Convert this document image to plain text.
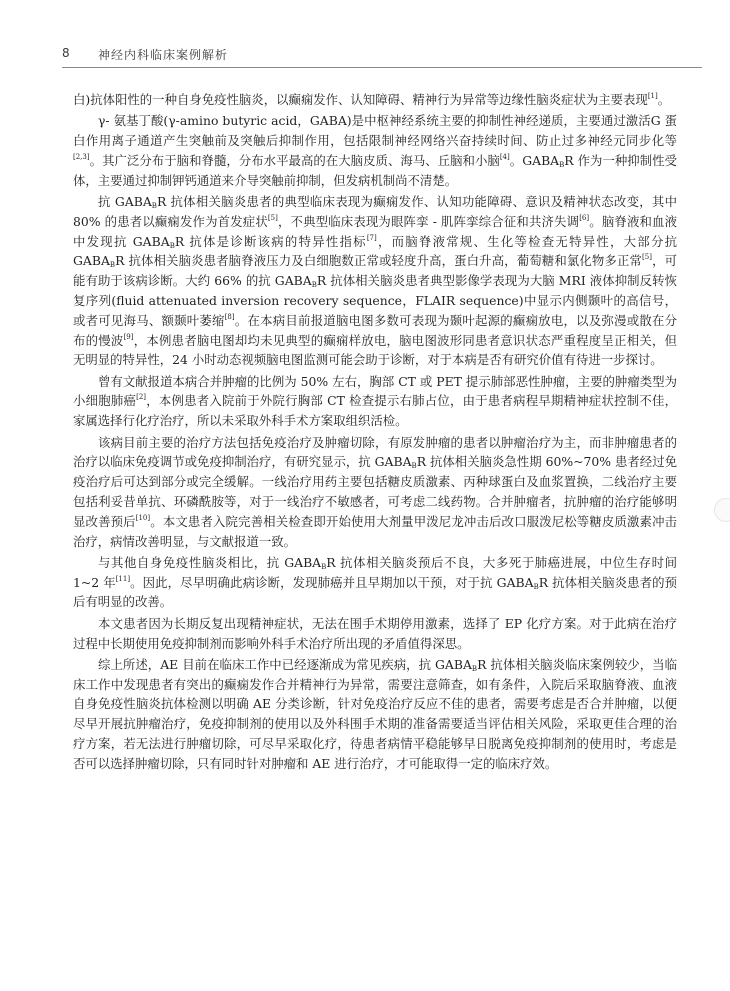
8 神经内科临床案例解析

白)抗体阳性的一种自身免疫性脑炎，以癫痫发作、认知障碍、精神行为异常等边缘性脑炎症状为主要表现[1]。

γ- 氨基丁酸(γ-amino butyric acid，GABA)是中枢神经系统主要的抑制性神经递质，主要通过激活G 蛋白作用离子通道产生突触前及突触后抑制作用，包括限制神经网络兴奋持续时间、防止过多神经元同步化等[2,3]。其广泛分布于脑和脊髓，分布水平最高的在大脑皮质、海马、丘脑和小脑[4]。$GABA_BR$ 作为一种抑制性受体，主要通过抑制钾钙通道来介导突触前抑制，但发病机制尚不清楚。

抗 $GABA_BR$ 抗体相关脑炎患者的典型临床表现为癫痫发作、认知功能障碍、意识及精神状态改变，其中 80% 的患者以癫痫发作为首发症状[5]，不典型临床表现为眼阵挛 - 肌阵挛综合征和共济失调[6]。脑脊液和血液中发现抗 $GABA_BR$ 抗体是诊断该病的特异性指标[7]，而脑脊液常规、生化等检查无特异性，大部分抗 $GABA_BR$ 抗体相关脑炎患者脑脊液压力及白细胞数正常或轻度升高，蛋白升高，葡萄糖和氯化物多正常[5]，可能有助于该病诊断。大约 66% 的抗 $GABA_BR$ 抗体相关脑炎患者典型影像学表现为大脑 MRI 液体抑制反转恢复序列(fluid attenuated inversion recovery sequence，FLAIR sequence)中显示内侧颞叶的高信号，或者可见海马、额颞叶萎缩[8]。在本病目前报道脑电图多数可表现为颞叶起源的癫痫放电，以及弥漫或散在分布的慢波[9]，本例患者脑电图却均未见典型的癫痫样放电，脑电图波形同患者意识状态严重程度呈正相关，但无明显的特异性，24 小时动态视频脑电图监测可能会助于诊断，对于本病是否有研究价值有待进一步探讨。

曾有文献报道本病合并肿瘤的比例为 50% 左右，胸部 CT 或 PET 提示肺部恶性肿瘤，主要的肿瘤类型为小细胞肺癌[2]，本例患者入院前于外院行胸部 CT 检查提示右肺占位，由于患者病程早期精神症状控制不佳，家属选择行化疗治疗，所以未采取外科手术方案取组织活检。

该病目前主要的治疗方法包括免疫治疗及肿瘤切除，有原发肿瘤的患者以肿瘤治疗为主，而非肿瘤患者的治疗以临床免疫调节或免疫抑制治疗，有研究显示，抗 $GABA_BR$ 抗体相关脑炎急性期 60%~70% 患者经过免疫治疗后可达到部分或完全缓解。一线治疗用药主要包括糖皮质激素、丙种球蛋白及血浆置换，二线治疗主要包括利妥昔单抗、环磷酰胺等，对于一线治疗不敏感者，可考虑二线药物。合并肿瘤者，抗肿瘤的治疗能够明显改善预后[10]。本文患者入院完善相关检查即开始使用大剂量甲泼尼龙冲击后改口服泼尼松等糖皮质激素冲击治疗，病情改善明显，与文献报道一致。

与其他自身免疫性脑炎相比，抗 $GABA_BR$ 抗体相关脑炎预后不良，大多死于肺癌进展，中位生存时间 1~2 年[11]。因此，尽早明确此病诊断，发现肺癌并且早期加以干预，对于抗 $GABA_BR$ 抗体相关脑炎患者的预后有明显的改善。

本文患者因为长期反复出现精神症状，无法在围手术期停用激素，选择了 EP 化疗方案。对于此病在治疗过程中长期使用免疫抑制剂而影响外科手术治疗所出现的矛盾值得深思。

综上所述，AE 目前在临床工作中已经逐渐成为常见疾病，抗 $GABA_BR$ 抗体相关脑炎临床案例较少，当临床工作中发现患者有突出的癫痫发作合并精神行为异常，需要注意筛查，如有条件，入院后采取脑脊液、血液自身免疫性脑炎抗体检测以明确 AE 分类诊断，针对免疫治疗反应不佳的患者，需要考虑是否合并肿瘤，以便尽早开展抗肿瘤治疗，免疫抑制剂的使用以及外科围手术期的准备需要适当评估相关风险，采取更佳合理的治疗方案，若无法进行肿瘤切除，可尽早采取化疗，待患者病情平稳能够早日脱离免疫抑制剂的使用时，考虑是否可以选择肿瘤切除，只有同时针对肿瘤和 AE 进行治疗，才可能取得一定的临床疗效。
